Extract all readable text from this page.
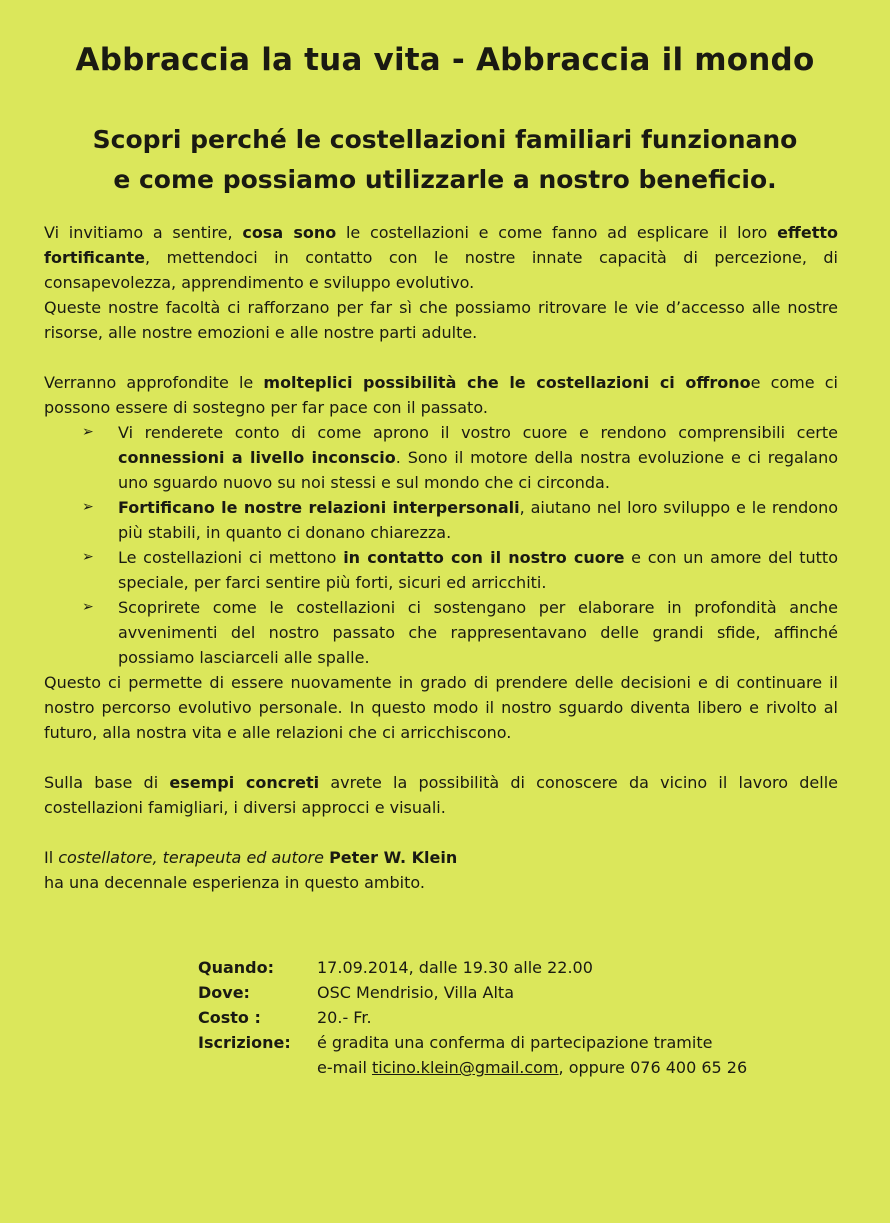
Abbraccia la tua vita - Abbraccia il mondo
Scopri perché le costellazioni familiari funzionano
e come possiamo utilizzarle a nostro beneficio.

Vi invitiamo a sentire, cosa sono le costellazioni e come fanno ad esplicare il loro effetto fortificante, mettendoci in contatto con le nostre innate capacità di percezione, di consapevolezza, apprendimento e sviluppo evolutivo.

Queste nostre facoltà ci rafforzano per far sì che possiamo ritrovare le vie d’accesso alle nostre risorse, alle nostre emozioni e alle nostre parti adulte.

Verranno approfondite le molteplici possibilità che le costellazioni ci offronoe come ci possono essere di sostegno per far pace con il passato.

➢ Vi renderete conto di come aprono il vostro cuore e rendono comprensibili certe connessioni a livello inconscio. Sono il motore della nostra evoluzione e ci regalano uno sguardo nuovo su noi stessi e sul mondo che ci circonda.
➢ Fortificano le nostre relazioni interpersonali, aiutano nel loro sviluppo e le rendono più stabili, in quanto ci donano chiarezza.
➢ Le costellazioni ci mettono in contatto con il nostro cuore e con un amore del tutto speciale, per farci sentire più forti, sicuri ed arricchiti.
➢ Scoprirete come le costellazioni ci sostengano per elaborare in profondità anche avvenimenti del nostro passato che rappresentavano delle grandi sfide, affinché possiamo lasciarceli alle spalle.

Questo ci permette di essere nuovamente in grado di prendere delle decisioni e di continuare il nostro percorso evolutivo personale. In questo modo il nostro sguardo diventa libero e rivolto al futuro, alla nostra vita e alle relazioni che ci arricchiscono.

Sulla base di esempi concreti avrete la possibilità di conoscere da vicino il lavoro delle costellazioni famigliari, i diversi approcci e visuali.

Il costellatore, terapeuta ed autore Peter W. Klein
ha una decennale esperienza in questo ambito.

Quando:	17.09.2014, dalle 19.30 alle 22.00
Dove:	OSC Mendrisio, Villa Alta
Costo :	20.- Fr.
Iscrizione:	é gradita una conferma di partecipazione tramite
e-mail ticino.klein@gmail.com, oppure 076 400 65 26
